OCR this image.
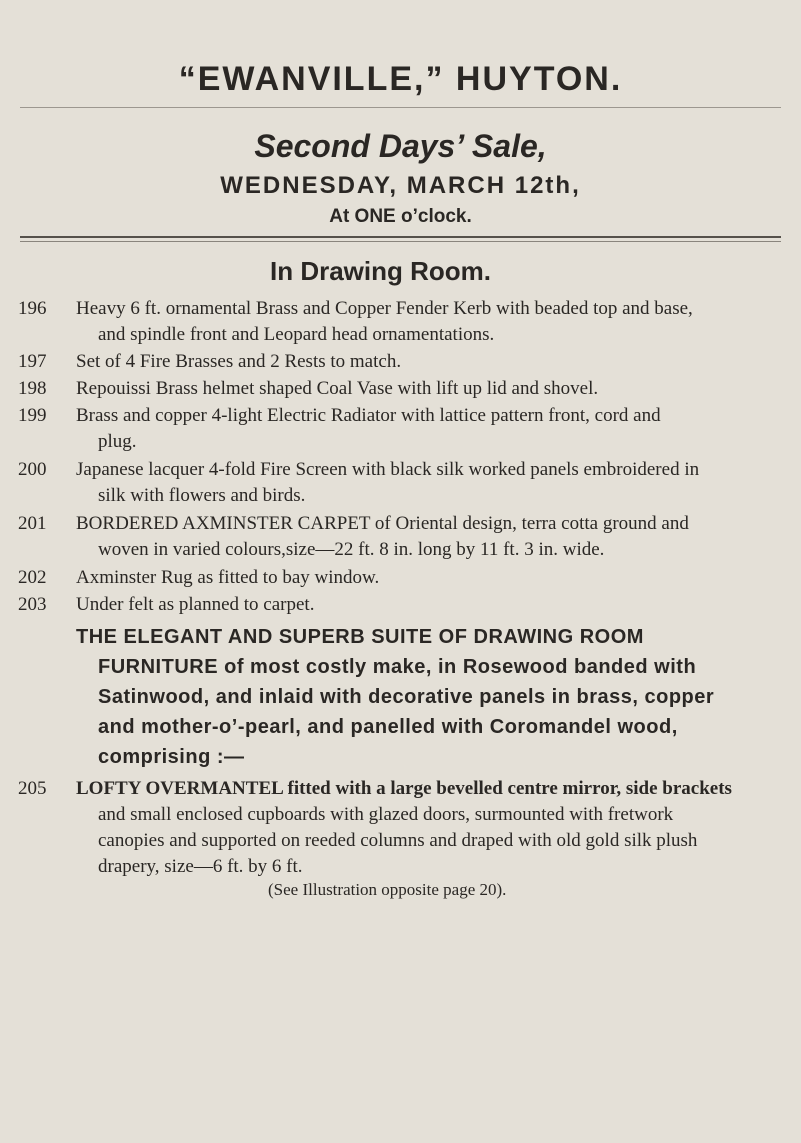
“EWANVILLE,” HUYTON.
Second Days’ Sale,
WEDNESDAY, MARCH 12th,
At ONE o’clock.
In Drawing Room.
196	Heavy 6 ft. ornamental Brass and Copper Fender Kerb with beaded top and base,
and spindle front and Leopard head ornamentations.
197	Set of 4 Fire Brasses and 2 Rests to match.
198	Repouissi Brass helmet shaped Coal Vase with lift up lid and shovel.
199	Brass and copper 4-light Electric Radiator with lattice pattern front, cord and
plug.
200	Japanese lacquer 4-fold Fire Screen with black silk worked panels embroidered in
silk with flowers and birds.
201	BORDERED AXMINSTER CARPET of Oriental design, terra cotta ground and
woven in varied colours,size—22 ft. 8 in. long by 11 ft. 3 in. wide.
202	Axminster Rug as fitted to bay window.
203	Under felt as planned to carpet.
THE ELEGANT AND SUPERB SUITE OF DRAWING ROOM
FURNITURE of most costly make, in Rosewood banded with
Satinwood, and inlaid with decorative panels in brass, copper
and mother-o’-pearl, and panelled with Coromandel wood,
comprising :—
205	LOFTY OVERMANTEL fitted with a large bevelled centre mirror, side brackets
and small enclosed cupboards with glazed doors, surmounted with fretwork
canopies and supported on reeded columns and draped with old gold silk plush
drapery, size—6 ft. by 6 ft.
(See Illustration opposite page 20).
